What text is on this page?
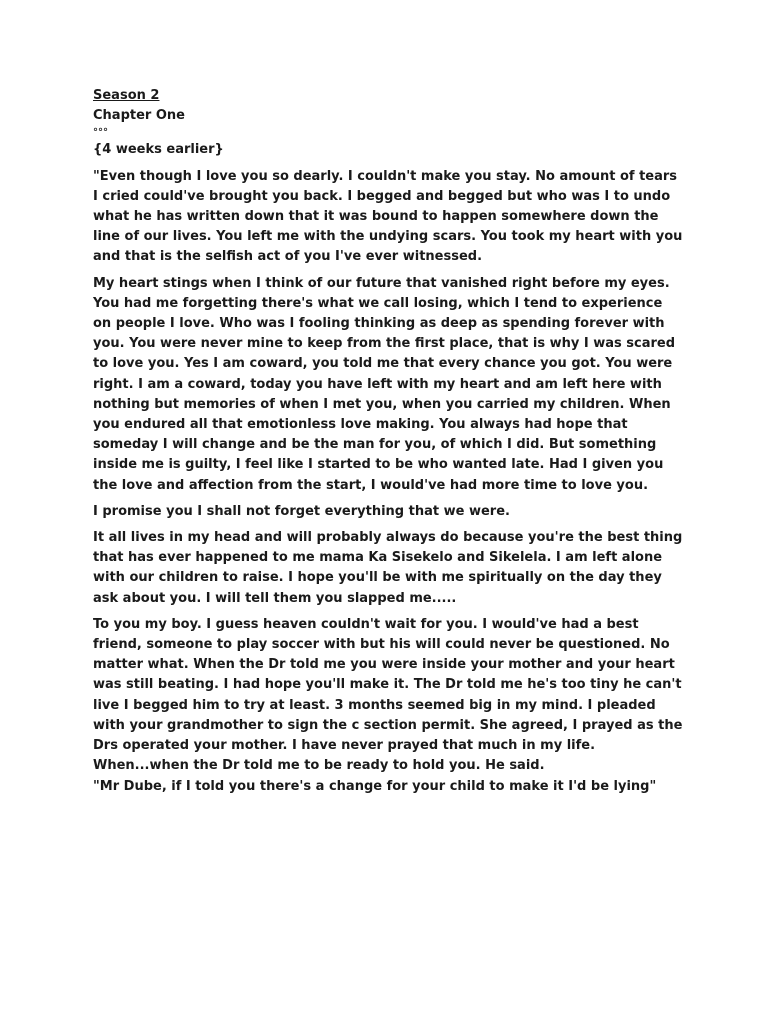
Season 2
Chapter One
°°°
{4 weeks earlier}

"Even though I love you so dearly. I couldn't make you stay. No amount of tears I cried could've brought you back. I begged and begged but who was I to undo what he has written down that it was bound to happen somewhere down the line of our lives. You left me with the undying scars. You took my heart with you and that is the selfish act of you I've ever witnessed.

My heart stings when I think of our future that vanished right before my eyes. You had me forgetting there's what we call losing, which I tend to experience on people I love. Who was I fooling thinking as deep as spending forever with you. You were never mine to keep from the first place, that is why I was scared to love you. Yes I am coward, you told me that every chance you got. You were right. I am a coward, today you have left with my heart and am left here with nothing but memories of when I met you, when you carried my children. When you endured all that emotionless love making. You always had hope that someday I will change and be the man for you, of which I did. But something inside me is guilty, I feel like I started to be who wanted late. Had I given you the love and affection from the start, I would've had more time to love you.

I promise you I shall not forget everything that we were.

It all lives in my head and will probably always do because you're the best thing that has ever happened to me mama Ka Sisekelo and Sikelela. I am left alone with our children to raise. I hope you'll be with me spiritually on the day they ask about you. I will tell them you slapped me.....

To you my boy. I guess heaven couldn't wait for you. I would've had a best friend, someone to play soccer with but his will could never be questioned. No matter what. When the Dr told me you were inside your mother and your heart was still beating. I had hope you'll make it. The Dr told me he's too tiny he can't live I begged him to try at least. 3 months seemed big in my mind. I pleaded with your grandmother to sign the c section permit. She agreed, I prayed as the Drs operated your mother. I have never prayed that much in my life. When...when the Dr told me to be ready to hold you. He said.

"Mr Dube, if I told you there's a change for your child to make it I'd be lying"
